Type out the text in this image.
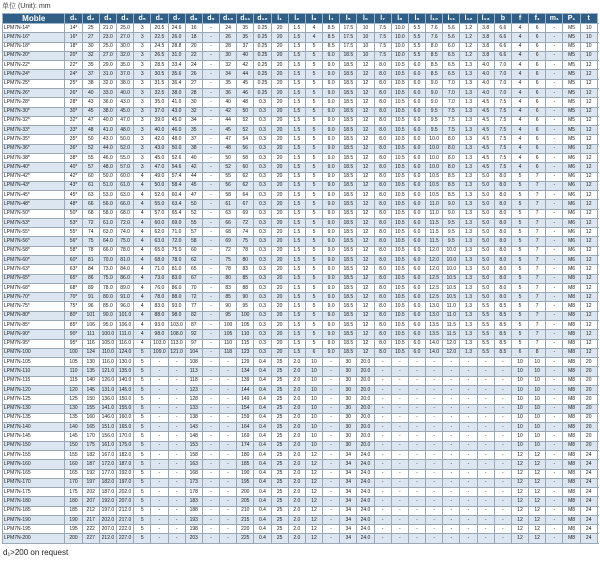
单位 (Unit): mm
Moble	d₁	d₂	d₃	d₄	d₅	d₆	d₇	d₈	d₉	d₁₀	d₁₁	d₁₂	l₁	l₂	l₃	l₄	l₅	l₆	l₇	l₈	l₉	l₁₀	l₁₁	l₁₂	l₁₃	b	f	f₁	m₁	P₁	t	
LPM7N-14*	14*	25	21.0	25.0	3	20.5	24.6	16	-	24	35	0.25	20	1.5	4	8.5	17.5	10	7.5	10.0	5.5	7.6	5.6	1.2	3.8	6.6	4	6	-	M5	10	
LPM7N-16*	16*	27	23.0	27.0	3	22.5	26.0	18	-	26	35	0.25	20	1.5	4	8.5	17.5	10	7.5	10.0	5.5	7.6	5.6	1.2	3.8	6.6	4	6	-	M5	10	
LPM7N-18*	18*	30	25.0	30.0	3	24.5	28.8	20	-	28	37	0.25	20	1.5	5	8.5	17.5	10	7.5	10.0	5.5	8.0	6.0	1.2	3.8	6.6	4	6	-	M5	10	
LPM7N-20*	20*	32	27.0	32.0	3	26.5	31.0	22	-	30	40	0.25	20	1.5	5	9.0	18.5	10	7.5	10.0	5.5	8.5	6.5	1.2	3.8	6.6	4	6	-	M5	10	
LPM7N-22*	22*	35	29.0	35.0	3	28.5	33.4	24	-	32	42	0.25	20	1.5	5	9.0	18.5	12	8.0	10.5	6.0	8.5	6.5	1.3	4.0	7.0	4	6	-	M5	12	
LPM7N-24*	24*	37	31.0	37.0	3	30.5	35.6	26	-	34	44	0.25	20	1.5	5	9.0	18.5	12	8.0	10.5	6.0	8.5	6.5	1.3	4.0	7.0	4	6	-	M5	12	
LPM7N-25*	25*	38	32.0	38.0	3	31.5	36.4	27	-	35	45	0.25	20	1.5	5	9.0	18.5	12	8.0	10.5	6.0	9.0	7.0	1.3	4.0	7.0	4	6	-	M5	12	
LPM7N-26*	26*	40	33.0	40.0	3	32.5	38.0	28	-	36	46	0.25	20	1.5	5	9.0	18.5	12	8.0	10.5	6.0	9.0	7.0	1.3	4.0	7.0	4	6	-	M5	12	
LPM7N-28*	28*	43	36.0	43.0	3	35.0	41.0	30	-	40	48	0.3	20	1.5	5	9.0	18.5	12	8.0	10.5	6.0	9.0	7.0	1.3	4.5	7.5	4	6	-	M5	12	
LPM7N-30*	30*	45	38.0	45.0	3	37.0	43.0	32	-	42	50	0.3	20	1.5	5	9.0	18.5	12	8.0	10.5	6.0	9.5	7.5	1.3	4.5	7.5	4	6	-	M5	12	
LPM7N-32*	32*	47	40.0	47.0	3	39.0	45.0	34	-	44	52	0.3	20	1.5	5	9.0	18.5	12	8.0	10.5	6.0	9.5	7.5	1.3	4.5	7.5	4	6	-	M5	12	
LPM7N-33*	33*	48	41.0	48.0	3	40.0	46.0	35	-	45	52	0.3	20	1.5	5	9.0	18.5	12	8.0	10.5	6.0	9.5	7.5	1.3	4.5	7.5	4	6	-	M5	12	
LPM7N-35*	35*	50	43.0	50.0	3	42.0	48.0	37	-	47	54	0.3	20	1.5	5	9.0	18.5	12	8.0	10.5	6.0	10.0	8.0	1.3	4.5	7.5	4	6	-	M5	12	
LPM7N-36*	36*	52	44.0	52.0	3	43.0	50.0	38	-	48	56	0.3	20	1.5	5	9.0	18.5	12	8.0	10.5	6.0	10.0	8.0	1.3	4.5	7.5	4	6	-	M6	12	
LPM7N-38*	38*	55	46.0	55.0	3	45.0	52.6	40	-	50	58	0.3	20	1.5	5	9.0	18.5	12	8.0	10.5	6.0	10.0	8.0	1.3	4.5	7.5	4	6	-	M6	12	
LPM7N-40*	40*	57	48.0	57.0	3	47.0	54.6	42	-	52	60	0.3	20	1.5	5	9.0	18.5	12	8.0	10.5	6.0	10.0	8.0	1.3	4.5	7.5	4	6	-	M6	12	
LPM7N-42*	42*	60	50.0	60.0	4	49.0	57.4	44	-	55	62	0.3	20	1.5	5	9.0	18.5	12	8.0	10.5	6.0	10.5	8.5	1.3	5.0	8.0	5	7	-	M6	12	
LPM7N-43*	43*	61	51.0	61.0	4	50.0	58.4	45	-	56	62	0.3	20	1.5	5	9.0	18.5	12	8.0	10.5	6.0	10.5	8.5	1.3	5.0	8.0	5	7	-	M6	12	
LPM7N-45*	45*	63	53.0	63.0	4	52.0	60.4	47	-	58	64	0.3	20	1.5	5	9.0	18.5	12	8.0	10.5	6.0	10.5	8.5	1.3	5.0	8.0	5	7	-	M6	12	
LPM7N-48*	48*	66	56.0	66.0	4	55.0	63.4	50	-	61	67	0.3	20	1.5	5	9.0	18.5	12	8.0	10.5	6.0	11.0	9.0	1.3	5.0	8.0	5	7	-	M6	12	
LPM7N-50*	50*	68	58.0	68.0	4	57.0	65.4	52	-	63	69	0.3	20	1.5	5	9.0	18.5	12	8.0	10.5	6.0	11.0	9.0	1.3	5.0	8.0	5	7	-	M6	12	
LPM7N-53*	53*	72	61.0	72.0	4	60.0	69.0	55	-	66	72	0.3	20	1.5	5	9.0	18.5	12	8.0	10.5	6.0	11.5	9.5	1.3	5.0	8.0	5	7	-	M6	12	
LPM7N-55*	55*	74	63.0	74.0	4	62.0	71.0	57	-	68	74	0.3	20	1.5	5	9.0	18.5	12	8.0	10.5	6.0	11.5	9.5	1.3	5.0	8.0	5	7	-	M6	12	
LPM7N-56*	56*	75	64.0	75.0	4	63.0	72.0	58	-	69	75	0.3	20	1.5	5	9.0	18.5	12	8.0	10.5	6.0	11.5	9.5	1.3	5.0	8.0	5	7	-	M6	12	
LPM7N-58*	58*	78	66.0	78.0	4	65.0	75.0	60	-	72	78	0.3	20	1.5	5	9.0	18.5	12	8.0	10.5	6.0	12.0	10.0	1.3	5.0	8.0	5	7	-	M6	12	
LPM7N-60*	60*	81	70.0	81.0	4	68.0	78.0	62	-	75	80	0.3	20	1.5	5	9.0	18.5	12	8.0	10.5	6.0	12.0	10.0	1.3	5.0	8.0	5	7	-	M6	12	
LPM7N-63*	63*	84	73.0	84.0	4	71.0	81.0	65	-	78	83	0.3	20	1.5	5	9.0	18.5	12	8.0	10.5	6.0	12.0	10.0	1.3	5.0	8.0	5	7	-	M6	12	
LPM7N-65*	65*	86	75.0	86.0	4	73.0	83.0	67	-	80	85	0.3	20	1.5	5	9.0	18.5	12	8.0	10.5	6.0	12.5	10.5	1.3	5.0	8.0	5	7	-	M8	12	
LPM7N-68*	68*	89	78.0	89.0	4	76.0	86.0	70	-	83	88	0.3	20	1.5	5	9.0	18.5	12	8.0	10.5	6.0	12.5	10.5	1.3	5.0	8.0	5	7	-	M8	12	
LPM7N-70*	70*	91	80.0	91.0	4	78.0	88.0	72	-	85	90	0.3	20	1.5	5	9.0	18.5	12	8.0	10.5	6.0	12.5	10.5	1.3	5.0	8.0	5	7	-	M8	12	
LPM7N-75*	75*	96	85.0	96.0	4	83.0	93.0	77	-	90	95	0.3	20	1.5	5	9.0	18.5	12	8.0	10.5	6.0	13.0	11.0	1.3	5.5	8.5	5	7	-	M8	12	
LPM7N-80*	80*	101	90.0	101.0	4	88.0	98.0	82	-	95	100	0.3	20	1.5	5	9.0	18.5	12	8.0	10.5	6.0	13.0	11.0	1.3	5.5	8.5	5	7	-	M8	12	
LPM7N-85*	85*	106	95.0	106.0	4	93.0	103.0	87	-	100	105	0.3	20	1.5	5	9.0	18.5	12	8.0	10.5	6.0	13.5	11.5	1.3	5.5	8.5	5	7	-	M8	12	
LPM7N-90*	90*	111	100.0	111.0	4	98.0	108.0	92	-	105	110	0.3	20	1.5	5	9.0	18.5	12	8.0	10.5	6.0	13.5	11.5	1.3	5.5	8.5	5	7	-	M8	12	
LPM7N-95*	95*	116	105.0	116.0	4	103.0	113.0	97	-	110	115	0.3	20	1.5	5	9.0	18.5	12	8.0	10.5	6.0	14.0	12.0	1.3	5.5	8.5	5	7	-	M8	12	
LPM7N-100	100	124	110.0	124.0	5	109.0	121.0	104	-	118	123	0.3	20	1.5	6	9.0	18.5	12	8.0	10.5	6.0	14.0	12.0	1.3	5.5	8.5	6	8	-	M8	12	
LPM7N-105	105	130	116.0	130.0	5	-	-	108	-	-	129	0.4	25	2.0	10	-	30	20.0	-	-	-	-	-	-	-	-	10	10	-	M8	20	
LPM7N-110	110	135	121.0	135.0	5	-	-	113	-	-	134	0.4	25	2.0	10	-	30	20.0	-	-	-	-	-	-	-	-	10	10	-	M8	20	
LPM7N-115	115	140	126.0	140.0	5	-	-	118	-	-	139	0.4	25	2.0	10	-	30	20.0	-	-	-	-	-	-	-	-	10	10	-	M8	20	
LPM7N-120	120	145	131.0	145.0	5	-	-	123	-	-	144	0.4	25	2.0	10	-	30	20.0	-	-	-	-	-	-	-	-	10	10	-	M8	20	
LPM7N-125	125	150	136.0	150.0	5	-	-	128	-	-	149	0.4	25	2.0	10	-	30	20.0	-	-	-	-	-	-	-	-	10	10	-	M8	20	
LPM7N-130	130	155	141.0	155.0	5	-	-	133	-	-	154	0.4	25	2.0	10	-	30	20.0	-	-	-	-	-	-	-	-	10	10	-	M8	20	
LPM7N-135	135	160	146.0	160.0	5	-	-	138	-	-	159	0.4	25	2.0	10	-	30	20.0	-	-	-	-	-	-	-	-	10	10	-	M8	20	
LPM7N-140	140	165	151.0	165.0	5	-	-	143	-	-	164	0.4	25	2.0	10	-	30	20.0	-	-	-	-	-	-	-	-	10	10	-	M8	20	
LPM7N-145	145	170	156.0	170.0	5	-	-	148	-	-	169	0.4	25	2.0	10	-	30	20.0	-	-	-	-	-	-	-	-	10	10	-	M8	20	
LPM7N-150	150	175	161.0	175.0	5	-	-	153	-	-	174	0.4	25	2.0	10	-	30	20.0	-	-	-	-	-	-	-	-	10	10	-	M8	20	
LPM7N-155	155	182	167.0	182.0	5	-	-	158	-	-	180	0.4	25	2.0	12	-	34	24.0	-	-	-	-	-	-	-	-	12	12	-	M8	24	
LPM7N-160	160	187	172.0	187.0	5	-	-	163	-	-	185	0.4	25	2.0	12	-	34	24.0	-	-	-	-	-	-	-	-	12	12	-	M8	24	
LPM7N-165	165	192	177.0	192.0	5	-	-	168	-	-	190	0.4	25	2.0	12	-	34	24.0	-	-	-	-	-	-	-	-	12	12	-	M8	24	
LPM7N-170	170	197	182.0	197.0	5	-	-	173	-	-	195	0.4	25	2.0	12	-	34	24.0	-	-	-	-	-	-	-	-	12	12	-	M8	24	
LPM7N-175	175	202	187.0	202.0	5	-	-	178	-	-	200	0.4	25	2.0	12	-	34	24.0	-	-	-	-	-	-	-	-	12	12	-	M8	24	
LPM7N-180	180	207	192.0	207.0	5	-	-	183	-	-	205	0.4	25	2.0	12	-	34	24.0	-	-	-	-	-	-	-	-	12	12	-	M8	24	
LPM7N-185	185	212	197.0	212.0	5	-	-	188	-	-	210	0.4	25	2.0	12	-	34	24.0	-	-	-	-	-	-	-	-	12	12	-	M8	24	
LPM7N-190	190	217	202.0	217.0	5	-	-	193	-	-	215	0.4	25	2.0	12	-	34	24.0	-	-	-	-	-	-	-	-	12	12	-	M8	24	
LPM7N-195	195	222	207.0	222.0	5	-	-	198	-	-	220	0.4	25	2.0	12	-	34	24.0	-	-	-	-	-	-	-	-	12	12	-	M8	24	
LPM7N-200	200	227	212.0	227.0	5	-	-	203	-	-	225	0.4	25	2.0	12	-	34	24.0	-	-	-	-	-	-	-	-	12	12	-	M8	24	
d₁>200 on request
